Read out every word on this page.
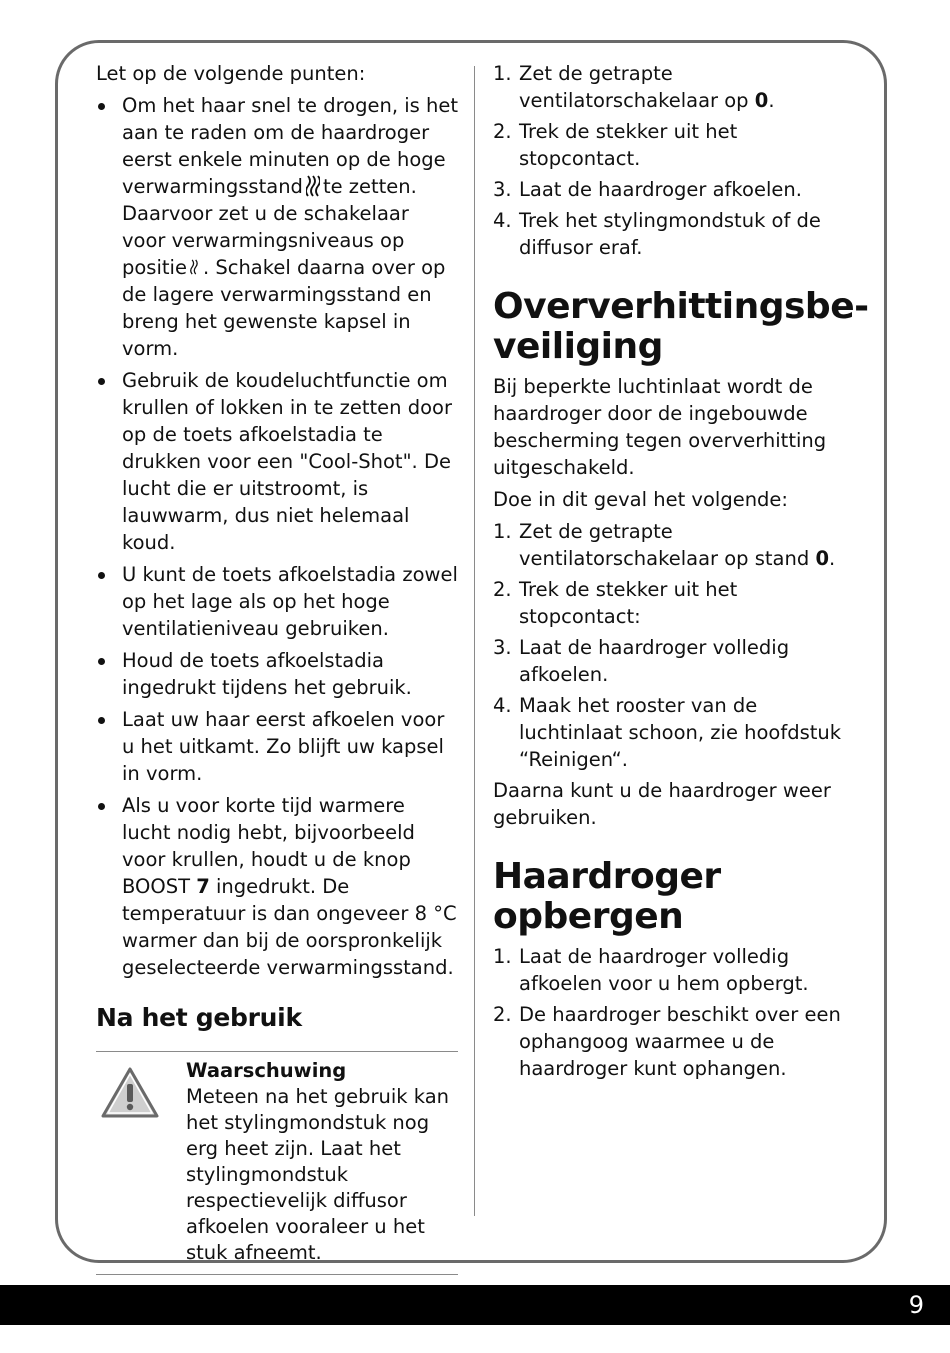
Let op de volgende punten:

Om het haar snel te drogen, is het aan te raden om de haardroger eerst enkele minuten op de hoge verwarmingsstand te zetten. Daarvoor zet u de schakelaar voor verwarmingsniveaus op positie . Schakel daarna over op de lagere verwarmingsstand en breng het gewenste kapsel in vorm.
Gebruik de koudeluchtfunctie om krullen of lokken in te zetten door op de toets afkoelstadia te drukken voor een "Cool-Shot". De lucht die er uitstroomt, is lauwwarm, dus niet helemaal koud.
U kunt de toets afkoelstadia zowel op het lage als op het hoge ventilatieniveau gebruiken.
Houd de toets afkoelstadia ingedrukt tijdens het gebruik.
Laat uw haar eerst afkoelen voor u het uitkamt. Zo blijft uw kapsel in vorm.
Als u voor korte tijd warmere lucht nodig hebt, bijvoorbeeld voor krullen, houdt u de knop BOOST 7 ingedrukt. De temperatuur is dan ongeveer 8 °C warmer dan bij de oorspronkelijk geselecteerde verwarmingsstand.
Na het gebruik
Waarschuwing
Meteen na het gebruik kan het stylingmondstuk nog erg heet zijn. Laat het stylingmondstuk respectievelijk diffusor afkoelen vooraleer u het stuk afneemt.
1. Zet de getrapte ventilatorschakelaar op 0.
2. Trek de stekker uit het stopcontact.
3. Laat de haardroger afkoelen.
4. Trek het stylingmondstuk of de diffusor eraf.
Oververhittingsbe-veiliging

Bij beperkte luchtinlaat wordt de haardroger door de ingebouwde bescherming tegen oververhitting uitgeschakeld.

Doe in dit geval het volgende:

1. Zet de getrapte ventilatorschakelaar op stand 0.
2. Trek de stekker uit het stopcontact:
3. Laat de haardroger volledig afkoelen.
4. Maak het rooster van de luchtinlaat schoon, zie hoofdstuk “Reinigen“.

Daarna kunt u de haardroger weer gebruiken.

Haardroger opbergen
1. Laat de haardroger volledig afkoelen voor u hem opbergt.
2. De haardroger beschikt over een ophangoog waarmee u de haardroger kunt ophangen.
9
